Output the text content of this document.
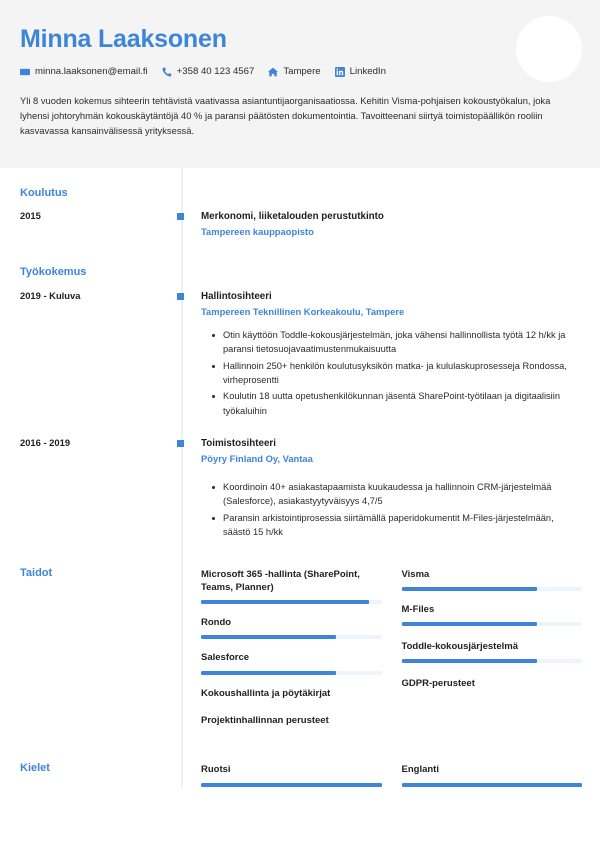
Minna Laaksonen
minna.laaksonen@email.fi	+358 40 123 4567	Tampere	LinkedIn
Yli 8 vuoden kokemus sihteerin tehtävistä vaativassa asiantuntijaorganisaatiossa. Kehitin Visma-pohjaisen kokoustyökalun, joka lyhensi johtoryhmän kokouskäytäntöjä 40 % ja paransi päätösten dokumentointia. Tavoitteenani siirtyä toimistopäällikön rooliin kasvavassa kansainvälisessä yrityksessä.
Koulutus
2015	Merkonomi, liiketalouden perustutkinto
Tampereen kauppaopisto
Työkokemus
2019 - Kuluva	Hallintosihteeri
Tampereen Teknillinen Korkeakoulu, Tampere
Otin käyttöön Toddle-kokousjärjestelmän, joka vähensi hallinnollista työtä 12 h/kk ja paransi tietosuojavaatimustenmukaisuutta
Hallinnoin 250+ henkilön koulutusyksikön matka- ja kululaskuprosesseja Rondossa, virheprosentti
Koulutin 18 uutta opetushenkilökunnan jäsentä SharePoint-työtilaan ja digitaalisiin työkaluihin
2016 - 2019	Toimistosihteeri
Pöyry Finland Oy, Vantaa
Koordinoin 40+ asiakastapaamista kuukaudessa ja hallinnoin CRM-järjestelmää (Salesforce), asiakastyytyväisyys 4,7/5
Paransin arkistointiprosessia siirtämällä paperidokumentit M-Files-järjestelmään, säästö 15 h/kk
Taidot	Microsoft 365 -hallinta (SharePoint, Teams, Planner)
Rondo
Salesforce
Kokoushallinta ja pöytäkirjat
Projektinhallinnan perusteet
Visma
M-Files
Toddle-kokousjärjestelmä
GDPR-perusteet
Kielet	Ruotsi	Englanti
